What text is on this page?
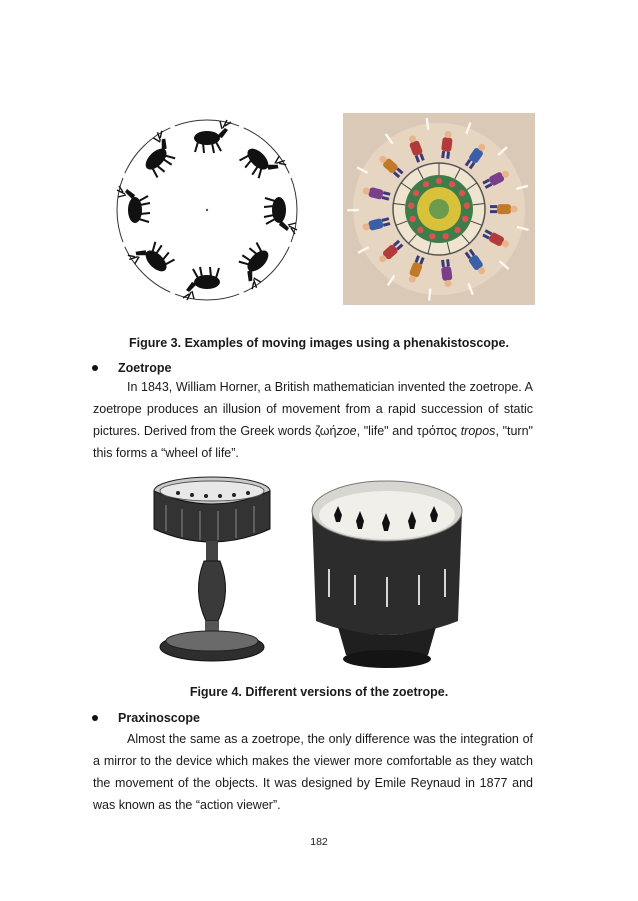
Figure 3. Examples of moving images using a phenakistoscope.
Zoetrope
In 1843, William Horner, a British mathematician invented the zoetrope. A zoetrope produces an illusion of movement from a rapid succession of static pictures. Derived from the Greek words ζωήzoe, "life" and τρόπος tropos, "turn" this forms a “wheel of life”.
Figure 4. Different versions of the zoetrope.
Praxinoscope
Almost the same as a zoetrope, the only difference was the integration of a mirror to the device which makes the viewer more comfortable as they watch the movement of the objects. It was designed by Emile Reynaud in 1877 and was known as the “action viewer”.
182
